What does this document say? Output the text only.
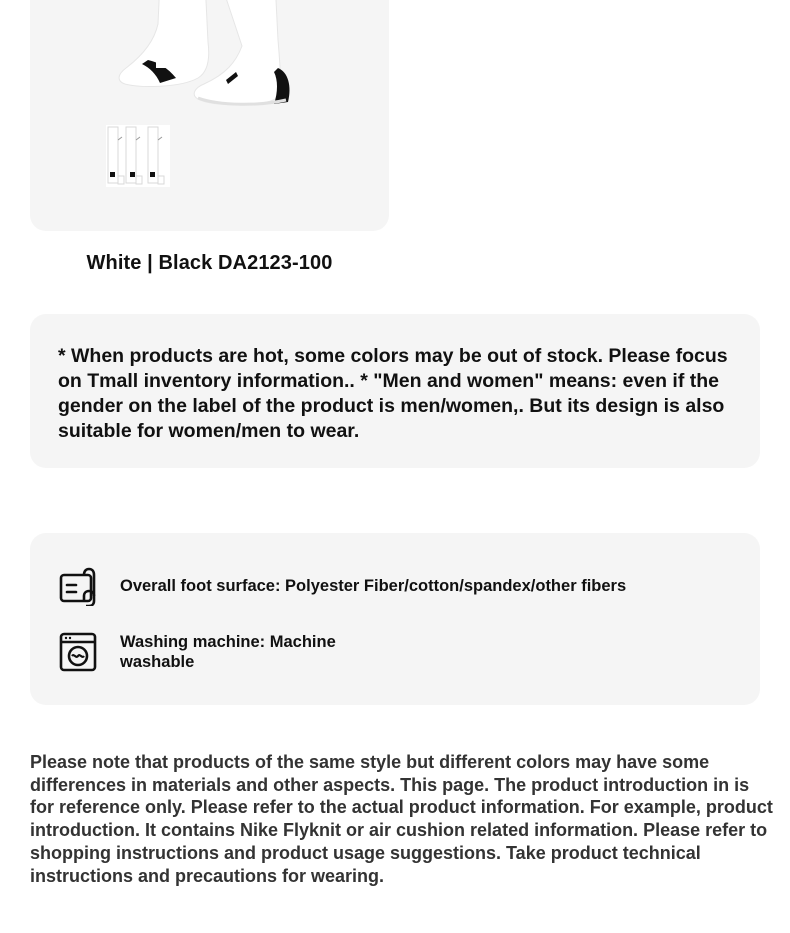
White | Black DA2123-100
* When products are hot, some colors may be out of stock. Please focus on Tmall inventory information.. * "Men and women" means: even if the gender on the label of the product is men/women,. But its design is also suitable for women/men to wear.
Overall foot surface: Polyester Fiber/cotton/spandex/other fibers
Washing machine: Machine washable
Please note that products of the same style but different colors may have some differences in materials and other aspects. This page. The product introduction in is for reference only. Please refer to the actual product information. For example, product introduction. It contains Nike Flyknit or air cushion related information. Please refer to shopping instructions and product usage suggestions. Take product technical instructions and precautions for wearing.
